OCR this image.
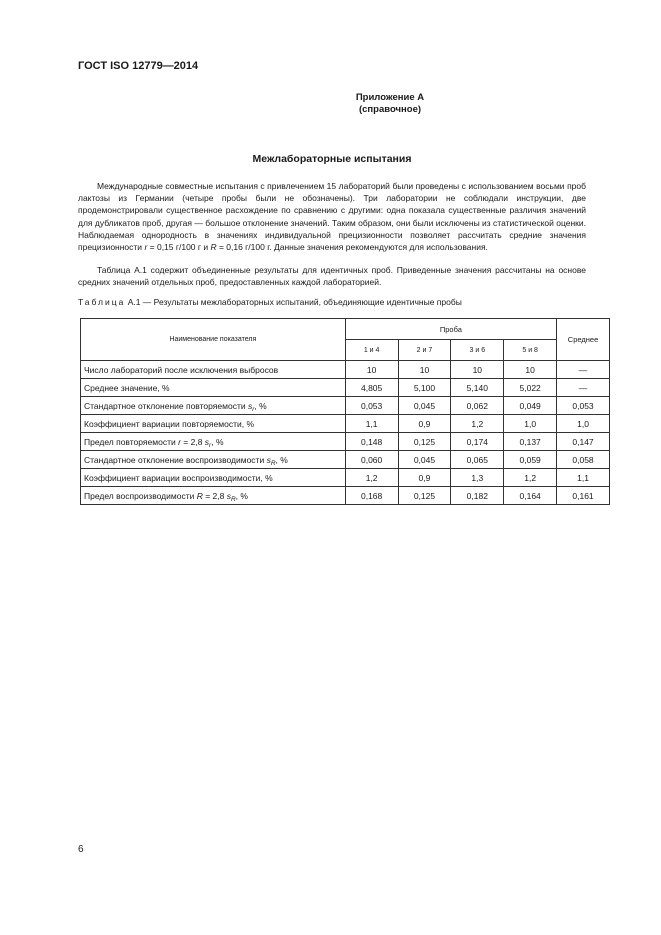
ГОСТ ISO 12779—2014
Приложение А
(справочное)
Межлабораторные испытания

Международные совместные испытания с привлечением 15 лабораторий были проведены с использованием восьми проб лактозы из Германии (четыре пробы были не обозначены). Три лаборатории не соблюдали инструкции, две продемонстрировали существенное расхождение по сравнению с другими: одна показала существенные различия значений для дубликатов проб, другая — большое отклонение значений. Таким образом, они были исключены из статистической оценки. Наблюдаемая однородность в значениях индивидуальной прецизионности позволяет рассчитать средние значения прецизионности r = 0,15 г/100 г и R = 0,16 г/100 г. Данные значения рекомендуются для использования.

Таблица А.1 содержит объединенные результаты для идентичных проб. Приведенные значения рассчитаны на основе средних значений отдельных проб, предоставленных каждой лабораторией.

Таблица А.1 — Результаты межлабораторных испытаний, объединяющие идентичные пробы
Наименование показателя	Проба				Среднее
	1 и 4	2 и 7	3 и 6	5 и 8	
Число лабораторий после исключения выбросов	10	10	10	10	—
Среднее значение, %	4,805	5,100	5,140	5,022	—
Стандартное отклонение повторяемости $s_r$, %	0,053	0,045	0,062	0,049	0,053
Коэффициент вариации повторяемости, %	1,1	0,9	1,2	1,0	1,0
Предел повторяемости r = 2,8 $s_r$, %	0,148	0,125	0,174	0,137	0,147
Стандартное отклонение воспроизводимости $s_R$, %	0,060	0,045	0,065	0,059	0,058
Коэффициент вариации воспроизводимости, %	1,2	0,9	1,3	1,2	1,1
Предел воспроизводимости R = 2,8 $s_R$, %	0,168	0,125	0,182	0,164	0,161
6
